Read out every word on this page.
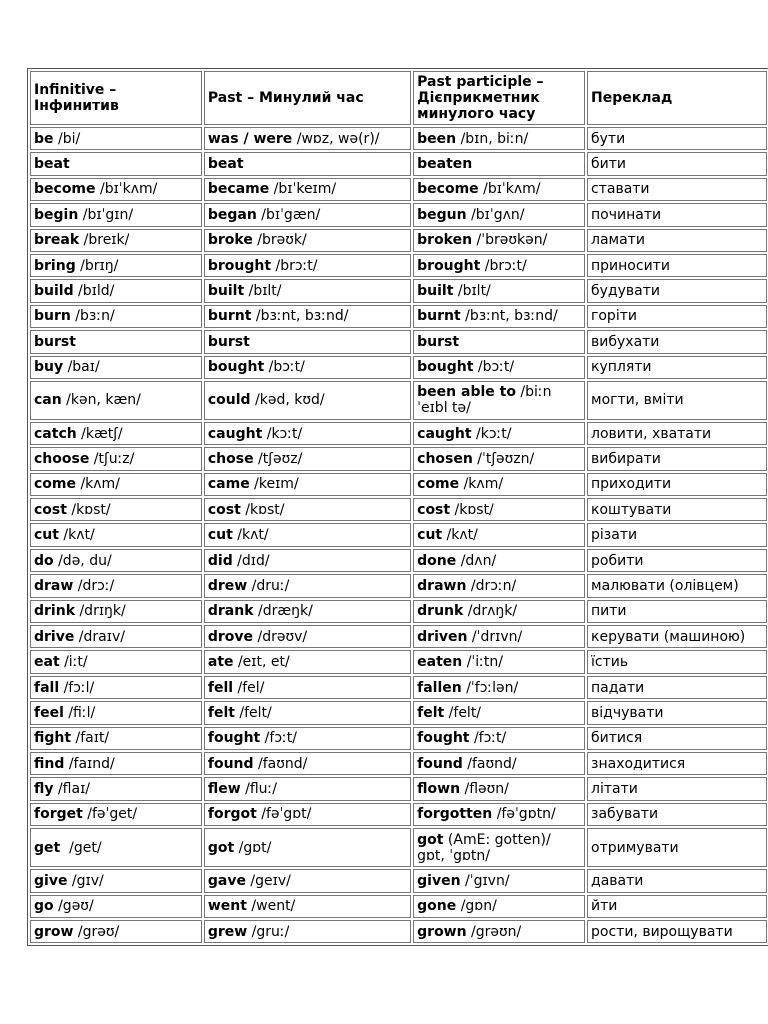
Infinitive – Інфинитив	Past – Минулий час	Past participle – Дієприкметник минулого часу	Переклад
be /bi/	was / were /wɒz, wə(r)/	been /bɪn, biːn/	бути
beat	beat	beaten	бити
become /bɪˈkʌm/	became /bɪˈkeɪm/	become /bɪˈkʌm/	ставати
begin /bɪˈgɪn/	began /bɪˈgæn/	begun /bɪˈgʌn/	починати
break /breɪk/	broke /brəʊk/	broken /ˈbrəʊkən/	ламати
bring /brɪŋ/	brought /brɔːt/	brought /brɔːt/	приносити
build /bɪld/	built /bɪlt/	built /bɪlt/	будувати
burn /bɜːn/	burnt /bɜːnt, bɜːnd/	burnt /bɜːnt, bɜːnd/	горіти
burst	burst	burst	вибухати
buy /baɪ/	bought /bɔːt/	bought /bɔːt/	купляти
can /kən, kæn/	could /kəd, kʊd/	been able to /biːn ˈeɪbl tə/	могти, вміти
catch /kætʃ/	caught /kɔːt/	caught /kɔːt/	ловити, хватати
choose /tʃuːz/	chose /tʃəʊz/	chosen /ˈtʃəʊzn/	вибирати
come /kʌm/	came /keɪm/	come /kʌm/	приходити
cost /kɒst/	cost /kɒst/	cost /kɒst/	коштувати
cut /kʌt/	cut /kʌt/	cut /kʌt/	різати
do /də, du/	did /dɪd/	done /dʌn/	робити
draw /drɔː/	drew /druː/	drawn /drɔːn/	малювати (олівцем)
drink /drɪŋk/	drank /dræŋk/	drunk /drʌŋk/	пити
drive /draɪv/	drove /drəʊv/	driven /ˈdrɪvn/	керувати (машиною)
eat /iːt/	ate /eɪt, et/	eaten /ˈiːtn/	їстиь
fall /fɔːl/	fell /fel/	fallen /ˈfɔːlən/	падати
feel /fiːl/	felt /felt/	felt /felt/	відчувати
fight /faɪt/	fought /fɔːt/	fought /fɔːt/	битися
find /faɪnd/	found /faʊnd/	found /faʊnd/	знаходитися
fly /flaɪ/	flew /fluː/	flown /fləʊn/	літати
forget /fəˈget/	forgot /fəˈgɒt/	forgotten /fəˈgɒtn/	забувати
get  /get/	got /gɒt/	got (AmE: gotten)/ gɒt, ˈgɒtn/	отримувати
give /gɪv/	gave /geɪv/	given /ˈgɪvn/	давати
go /gəʊ/	went /went/	gone /gɒn/	йти
grow /grəʊ/	grew /gruː/	grown /grəʊn/	рости, вирощувати
